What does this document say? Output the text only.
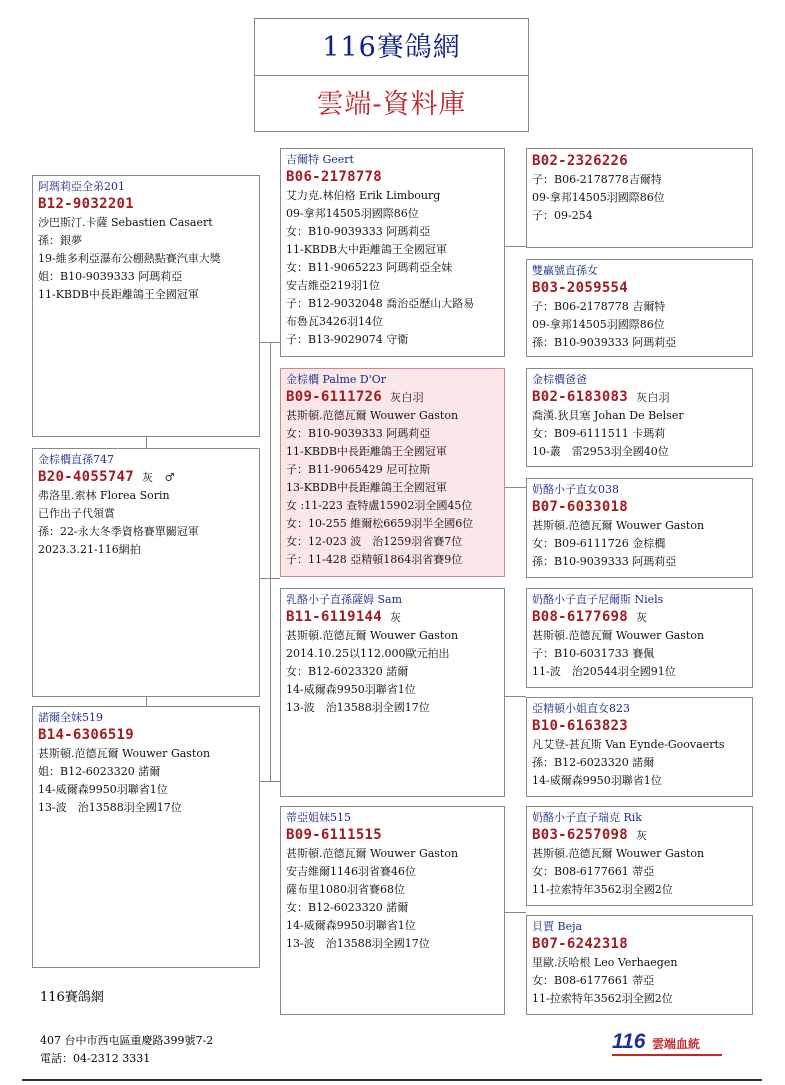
116賽鴿網
雲端-資料庫
阿瑪莉亞全弟201
B12-9032201
沙巴斯汀.卡薩 Sebastien Casaert
孫：銀夢
19-維多利亞瀑布公棚熱點賽汽車大獎
姐：B10-9039333 阿瑪莉亞
11-KBDB中長距離鴿王全國冠軍
金棕櫚直孫747
B20-4055747 灰　♂
弗洛里.索林 Florea Sorin
已作出子代領賞
孫：22-永大冬季資格賽單關冠軍
2023.3.21-116網拍
諾爾全妹519
B14-6306519
甚斯頓.范德瓦爾 Wouwer Gaston
姐：B12-6023320 諾爾
14-威爾森9950羽聯省1位
13-波　治13588羽全國17位
吉爾特 Geert
B06-2178778
艾力克.林伯格 Erik Limbourg
09-拿邦14505羽國際86位
女：B10-9039333 阿瑪莉亞
11-KBDB大中距離鴿王全國冠軍
女：B11-9065223 阿瑪莉亞全妹
安吉維亞219羽1位
子：B12-9032048 喬治亞歷山大路易
布魯瓦3426羽14位
子：B13-9029074 守衛
金棕櫚 Palme D'Or
B09-6111726 灰白羽
甚斯頓.范德瓦爾 Wouwer Gaston
女：B10-9039333 阿瑪莉亞
11-KBDB中長距離鴿王全國冠軍
子：B11-9065429 尼可拉斯
13-KBDB中長距離鴿王全國冠軍
女 :11-223 查特盧15902羽全國45位
女：10-255 維爾松6659羽半全國6位
女：12-023 波　治1259羽省賽7位
子：11-428 亞精頓1864羽省賽9位
乳酪小子直孫薩姆 Sam
B11-6119144 灰
甚斯頓.范德瓦爾 Wouwer Gaston
2014.10.25以112.000歐元拍出
女：B12-6023320 諾爾
14-威爾森9950羽聯省1位
13-波　治13588羽全國17位
蒂亞姐妹515
B09-6111515
甚斯頓.范德瓦爾 Wouwer Gaston
安吉維爾1146羽省賽46位
薩布里1080羽省賽68位
女：B12-6023320 諾爾
14-威爾森9950羽聯省1位
13-波　治13588羽全國17位
B02-2326226
子：B06-2178778吉爾特
09-拿邦14505羽國際86位
子：09-254
雙贏號直孫女
B03-2059554
子：B06-2178778 吉爾特
09-拿邦14505羽國際86位
孫：B10-9039333 阿瑪莉亞
金棕櫚爸爸
B02-6183083 灰白羽
喬漢.狄貝塞 Johan De Belser
女：B09-6111511 卡瑪莉
10-叢　雷2953羽全國40位
奶酪小子直女038
B07-6033018
甚斯頓.范德瓦爾 Wouwer Gaston
女：B09-6111726 金棕櫚
孫：B10-9039333 阿瑪莉亞
奶酪小子直子尼爾斯 Niels
B08-6177698 灰
甚斯頓.范德瓦爾 Wouwer Gaston
子：B10-6031733 賽佩
11-波　治20544羽全國91位
亞精頓小姐直女823
B10-6163823
凡艾登-甚瓦斯 Van Eynde-Goovaerts
孫：B12-6023320 諾爾
14-威爾森9950羽聯省1位
奶酪小子直子瑞克 Rik
B03-6257098 灰
甚斯頓.范德瓦爾 Wouwer Gaston
女：B08-6177661 蒂亞
11-拉索特年3562羽全國2位
貝賈 Beja
B07-6242318
里歐.沃哈根 Leo Verhaegen
女：B08-6177661 蒂亞
11-拉索特年3562羽全國2位
116賽鴿網
407 台中市西屯區重慶路399號7-2
電話：04-2312 3331
116 雲端血統
